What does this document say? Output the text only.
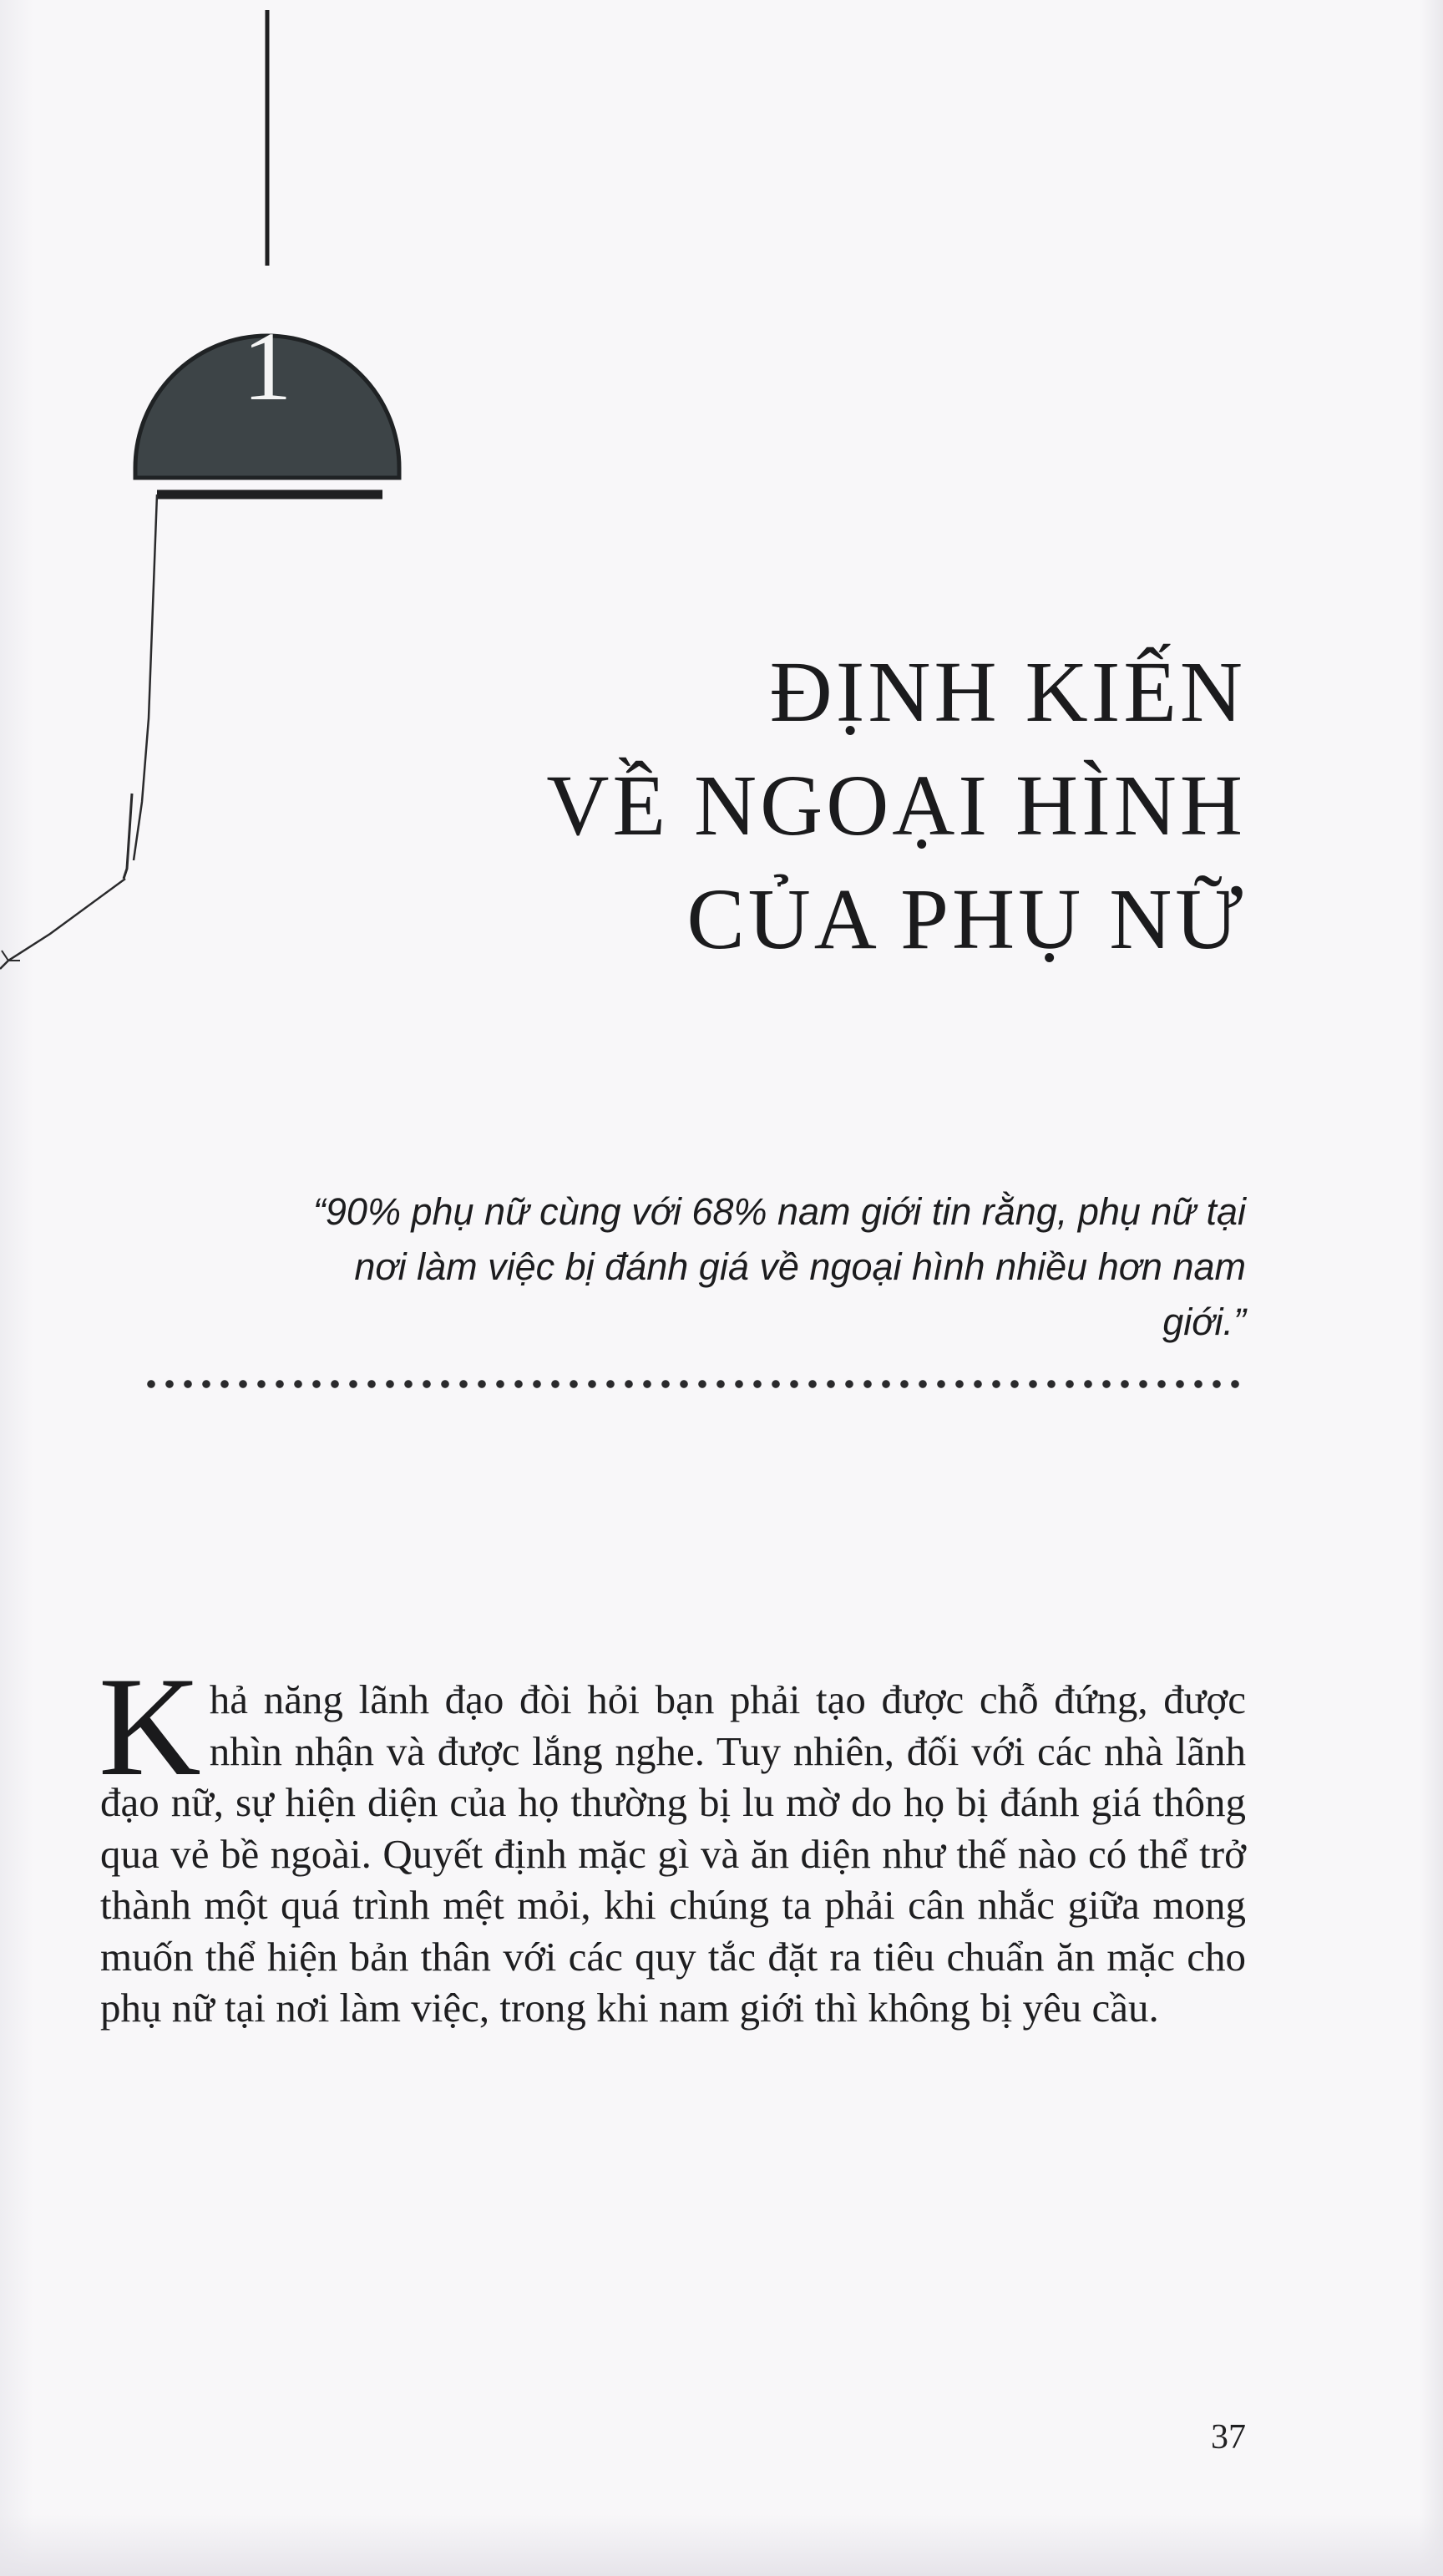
1
ĐỊNH KIẾN
VỀ NGOẠI HÌNH
CỦA PHỤ NỮ
“90% phụ nữ cùng với 68% nam giới tin rằng, phụ nữ tại nơi làm việc bị đánh giá về ngoại hình nhiều hơn nam giới.”

Khả năng lãnh đạo đòi hỏi bạn phải tạo được chỗ đứng, được nhìn nhận và được lắng nghe. Tuy nhiên, đối với các nhà lãnh đạo nữ, sự hiện diện của họ thường bị lu mờ do họ bị đánh giá thông qua vẻ bề ngoài. Quyết định mặc gì và ăn diện như thế nào có thể trở thành một quá trình mệt mỏi, khi chúng ta phải cân nhắc giữa mong muốn thể hiện bản thân với các quy tắc đặt ra tiêu chuẩn ăn mặc cho phụ nữ tại nơi làm việc, trong khi nam giới thì không bị yêu cầu.

37
